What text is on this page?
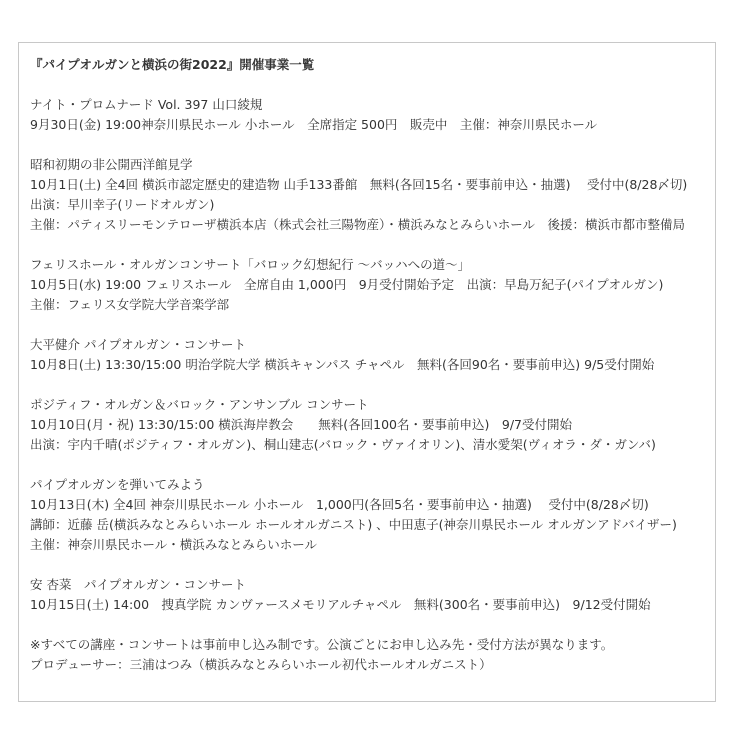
『パイプオルガンと横浜の街2022』開催事業一覧

ナイト・プロムナード Vol. 397 山口綾規

9月30日(金) 19:00神奈川県民ホール 小ホール　全席指定 500円　販売中　主催：神奈川県民ホール

昭和初期の非公開西洋館見学

10月1日(土) 全4回 横浜市認定歴史的建造物 山手133番館　無料(各回15名・要事前申込・抽選)　 受付中(8/28〆切)

出演：早川幸子(リードオルガン)

主催：パティスリーモンテローザ横浜本店（株式会社三陽物産）・横浜みなとみらいホール　後援：横浜市都市整備局

フェリスホール・オルガンコンサート「バロック幻想紀行 ～バッハへの道～」

10月5日(水) 19:00 フェリスホール　全席自由 1,000円　9月受付開始予定　出演：早島万紀子(パイプオルガン)

主催：フェリス女学院大学音楽学部

大平健介 パイプオルガン・コンサート

10月8日(土) 13:30/15:00 明治学院大学 横浜キャンパス チャペル　無料(各回90名・要事前申込) 9/5受付開始

ポジティフ・オルガン＆バロック・アンサンブル コンサート

10月10日(月・祝) 13:30/15:00 横浜海岸教会　　無料(各回100名・要事前申込)　9/7受付開始

出演：宇内千晴(ポジティフ・オルガン)、桐山建志(バロック・ヴァイオリン)、清水愛架(ヴィオラ・ダ・ガンバ)

パイプオルガンを弾いてみよう

10月13日(木) 全4回 神奈川県民ホール 小ホール　1,000円(各回5名・要事前申込・抽選)　 受付中(8/28〆切)

講師：近藤 岳(横浜みなとみらいホール ホールオルガニスト) 、中田恵子(神奈川県民ホール オルガンアドバイザー)

主催：神奈川県民ホール・横浜みなとみらいホール

安 杏菜　パイプオルガン・コンサート

10月15日(土) 14:00　捜真学院 カンヴァースメモリアルチャペル　無料(300名・要事前申込)　9/12受付開始

※すべての講座・コンサートは事前申し込み制です。公演ごとにお申し込み先・受付方法が異なります。

プロデューサー：三浦はつみ（横浜みなとみらいホール初代ホールオルガニスト）
